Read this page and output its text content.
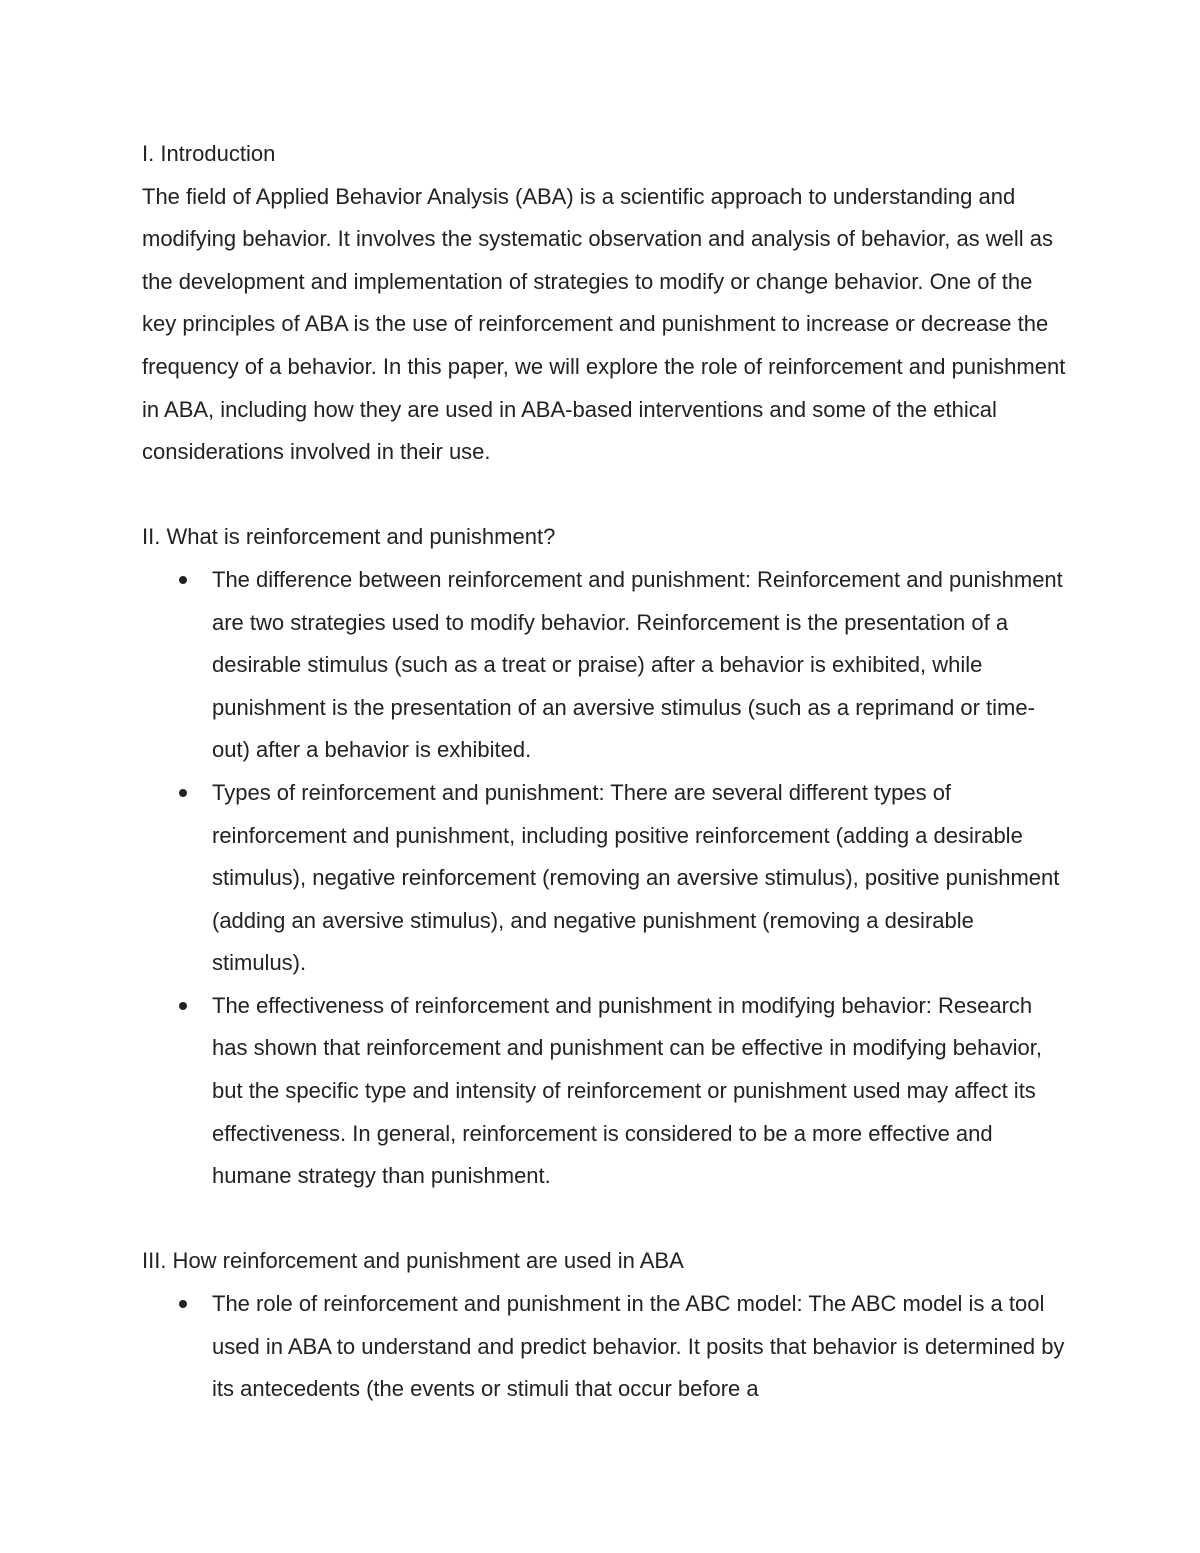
I. Introduction

The field of Applied Behavior Analysis (ABA) is a scientific approach to understanding and modifying behavior. It involves the systematic observation and analysis of behavior, as well as the development and implementation of strategies to modify or change behavior. One of the key principles of ABA is the use of reinforcement and punishment to increase or decrease the frequency of a behavior. In this paper, we will explore the role of reinforcement and punishment in ABA, including how they are used in ABA-based interventions and some of the ethical considerations involved in their use.

II. What is reinforcement and punishment?

The difference between reinforcement and punishment: Reinforcement and punishment are two strategies used to modify behavior. Reinforcement is the presentation of a desirable stimulus (such as a treat or praise) after a behavior is exhibited, while punishment is the presentation of an aversive stimulus (such as a reprimand or time-out) after a behavior is exhibited.
Types of reinforcement and punishment: There are several different types of reinforcement and punishment, including positive reinforcement (adding a desirable stimulus), negative reinforcement (removing an aversive stimulus), positive punishment (adding an aversive stimulus), and negative punishment (removing a desirable stimulus).
The effectiveness of reinforcement and punishment in modifying behavior: Research has shown that reinforcement and punishment can be effective in modifying behavior, but the specific type and intensity of reinforcement or punishment used may affect its effectiveness. In general, reinforcement is considered to be a more effective and humane strategy than punishment.

III. How reinforcement and punishment are used in ABA

The role of reinforcement and punishment in the ABC model: The ABC model is a tool used in ABA to understand and predict behavior. It posits that behavior is determined by its antecedents (the events or stimuli that occur before a
